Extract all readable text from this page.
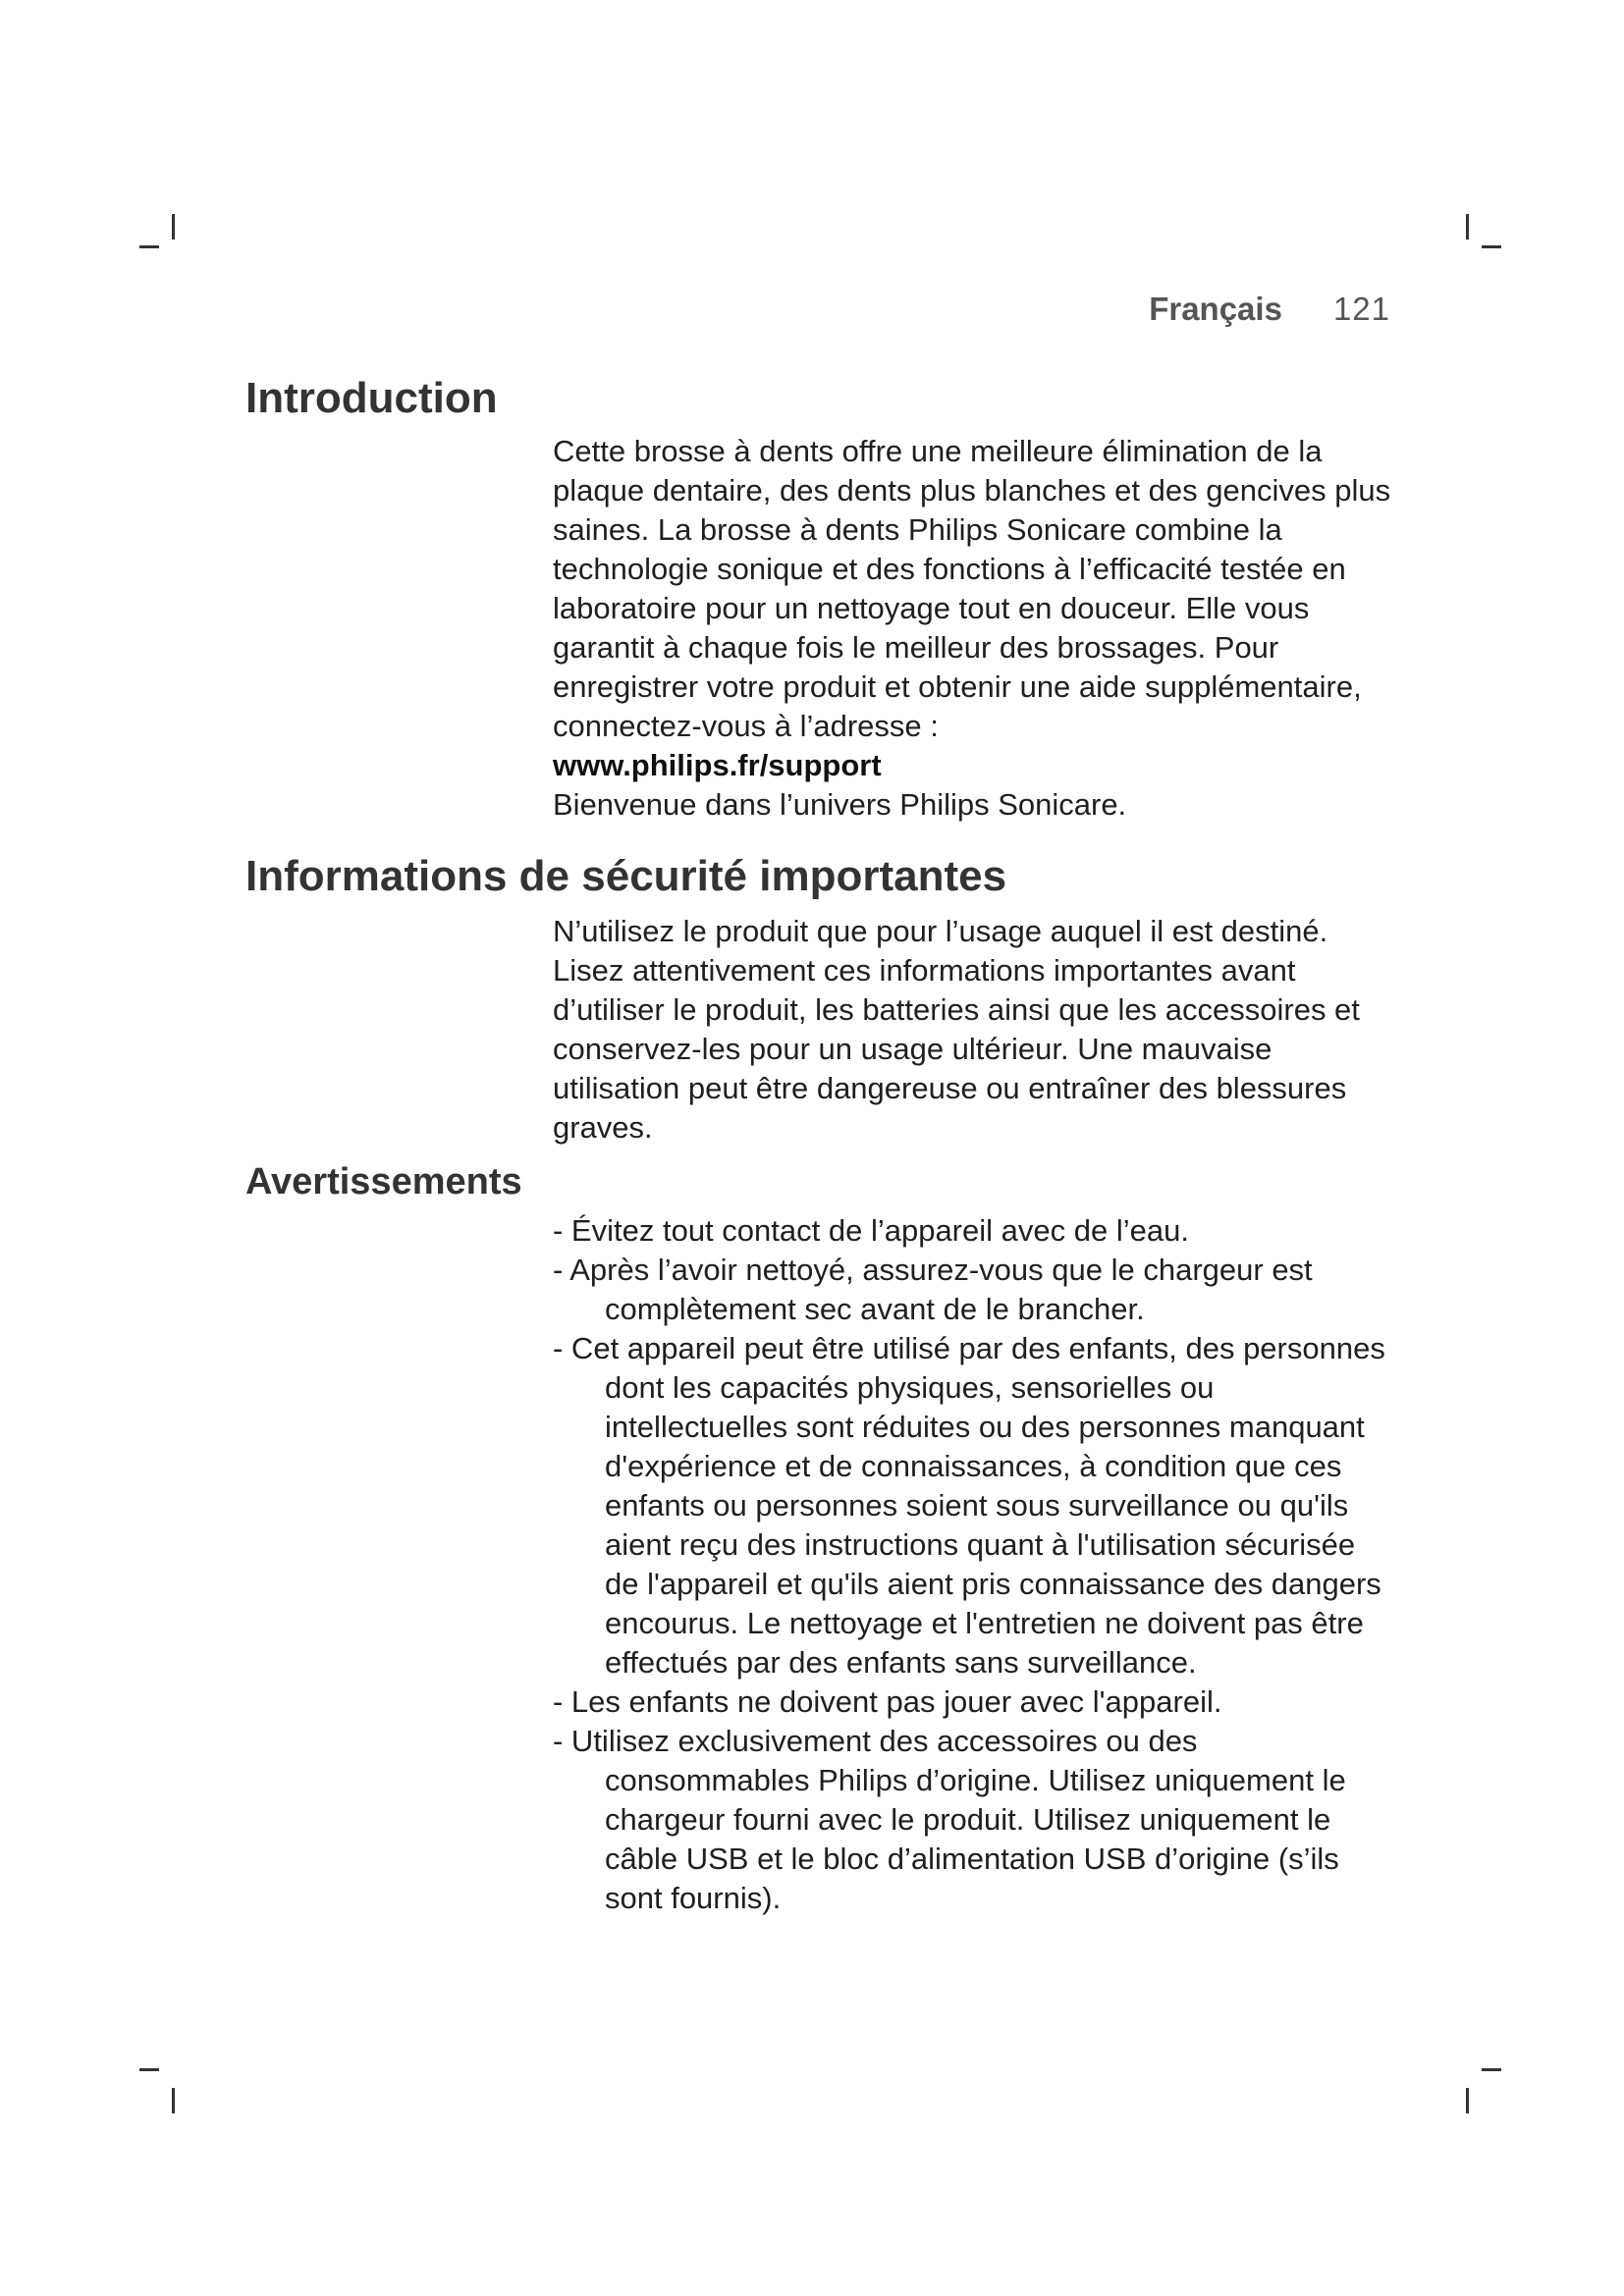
Français 121
Introduction

Cette brosse à dents offre une meilleure élimination de la plaque dentaire, des dents plus blanches et des gencives plus saines. La brosse à dents Philips Sonicare combine la technologie sonique et des fonctions à l’efficacité testée en laboratoire pour un nettoyage tout en douceur. Elle vous garantit à chaque fois le meilleur des brossages. Pour enregistrer votre produit et obtenir une aide supplémentaire, connectez-vous à l’adresse :

www.philips.fr/support

Bienvenue dans l’univers Philips Sonicare.

Informations de sécurité importantes

N’utilisez le produit que pour l’usage auquel il est destiné. Lisez attentivement ces informations importantes avant d’utiliser le produit, les batteries ainsi que les accessoires et conservez-les pour un usage ultérieur. Une mauvaise utilisation peut être dangereuse ou entraîner des blessures graves.

Avertissements
- Évitez tout contact de l’appareil avec de l’eau.
- Après l’avoir nettoyé, assurez-vous que le chargeur est complètement sec avant de le brancher.
- Cet appareil peut être utilisé par des enfants, des personnes dont les capacités physiques, sensorielles ou intellectuelles sont réduites ou des personnes manquant d'expérience et de connaissances, à condition que ces enfants ou personnes soient sous surveillance ou qu'ils aient reçu des instructions quant à l'utilisation sécurisée de l'appareil et qu'ils aient pris connaissance des dangers encourus. Le nettoyage et l'entretien ne doivent pas être effectués par des enfants sans surveillance.
- Les enfants ne doivent pas jouer avec l'appareil.
- Utilisez exclusivement des accessoires ou des consommables Philips d’origine. Utilisez uniquement le chargeur fourni avec le produit. Utilisez uniquement le câble USB et le bloc d’alimentation USB d’origine (s’ils sont fournis).
